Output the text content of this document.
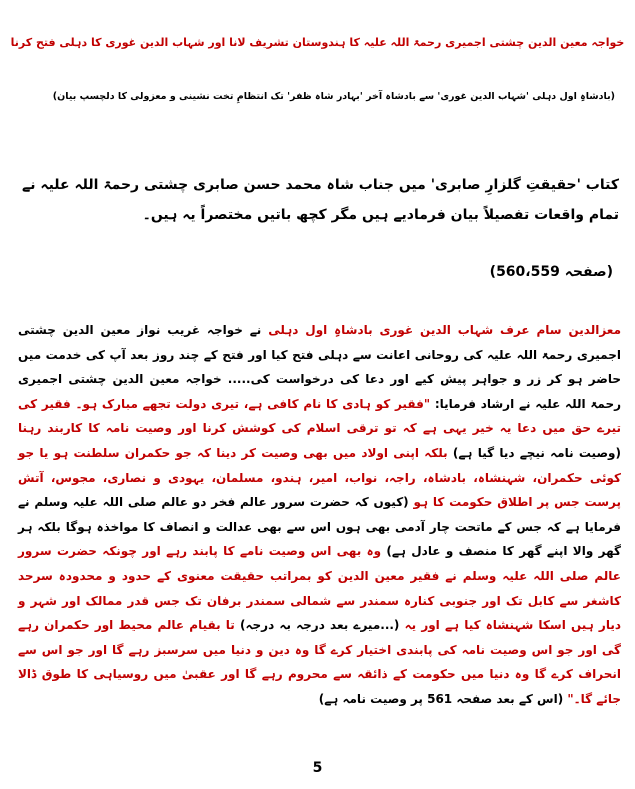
خواجہ معین الدین چشتی اجمیری رحمۃ اللہ علیہ کا ہندوستان تشریف لانا اور شہاب الدین غوری کا دہلی فتح کرنا
(بادشاہِ اول دہلی 'شہاب الدین غوری' سے بادشاہ آخر 'بہادر شاہ ظفر' تک انتظامِ تخت نشینی و معزولی کا دلچسپ بیان)
کتاب 'حقیقتِ گلزارِ صابری' میں جناب شاہ محمد حسن صابری چشتی رحمۃ اللہ علیہ نے تمام واقعات تفصیلاً بیان فرمادیے ہیں مگر کچھ باتیں مختصراً یہ ہیں۔
(صفحہ 560،559)
معزالدین سام عرف شہاب الدین غوری بادشاہِ اول دہلی نے خواجہ غریب نواز معین الدین چشتی اجمیری رحمۃ اللہ علیہ کی روحانی اعانت سے دہلی فتح کیا اور فتح کے چند روز بعد آپ کی خدمت میں حاضر ہو کر زر و جواہر پیش کیے اور دعا کی درخواست کی..... خواجہ معین الدین چشتی اجمیری رحمۃ اللہ علیہ نے ارشاد فرمایا: "فقیر کو ہادی کا نام کافی ہے، تیری دولت تجھے مبارک ہو۔ فقیر کی تیرے حق میں دعا یہ خیر یہی ہے کہ تو ترقی اسلام کی کوشش کرنا اور وصیت نامہ کا کاربند رہنا (وصیت نامہ نیچے دیا گیا ہے) بلکہ اپنی اولاد میں بھی وصیت کر دینا کہ جو حکمران سلطنت ہو یا جو کوئی حکمران، شہنشاہ، بادشاہ، راجہ، نواب، امیر، ہندو، مسلمان، یہودی و نصاری، مجوس، آتش پرست جس پر اطلاق حکومت کا ہو (کیوں کہ حضرت سرور عالم فخر دو عالم صلی اللہ علیہ وسلم نے فرمایا ہے کہ جس کے ماتحت چار آدمی بھی ہوں اس سے بھی عدالت و انصاف کا مواخذہ ہوگا بلکہ ہر گھر والا اپنے گھر کا منصف و عادل ہے) وہ بھی اس وصیت نامے کا پابند رہے اور چونکہ حضرت سرور عالم صلی اللہ علیہ وسلم نے فقیر معین الدین کو بمراتب حقیقت معنوی کے حدود و محدودہ سرحد کاشغر سے کابل تک اور جنوبی کنارہ سمندر سے شمالی سمندر برفان تک جس قدر ممالک اور شہر و دیار ہیں اسکا شہنشاہ کیا ہے اور یہ (...میرے بعد درجہ بہ درجہ) تا بقیام عالم محیط اور حکمران رہے گی اور جو اس وصیت نامہ کی پابندی اختیار کرے گا وہ دین و دنیا میں سرسبز رہے گا اور جو اس سے انحراف کرے گا وہ دنیا میں حکومت کے ذائقہ سے محروم رہے گا اور عقبیٰ میں روسیاہی کا طوق ڈالا جائے گا۔" (اس کے بعد صفحہ 561 پر وصیت نامہ ہے)
5
